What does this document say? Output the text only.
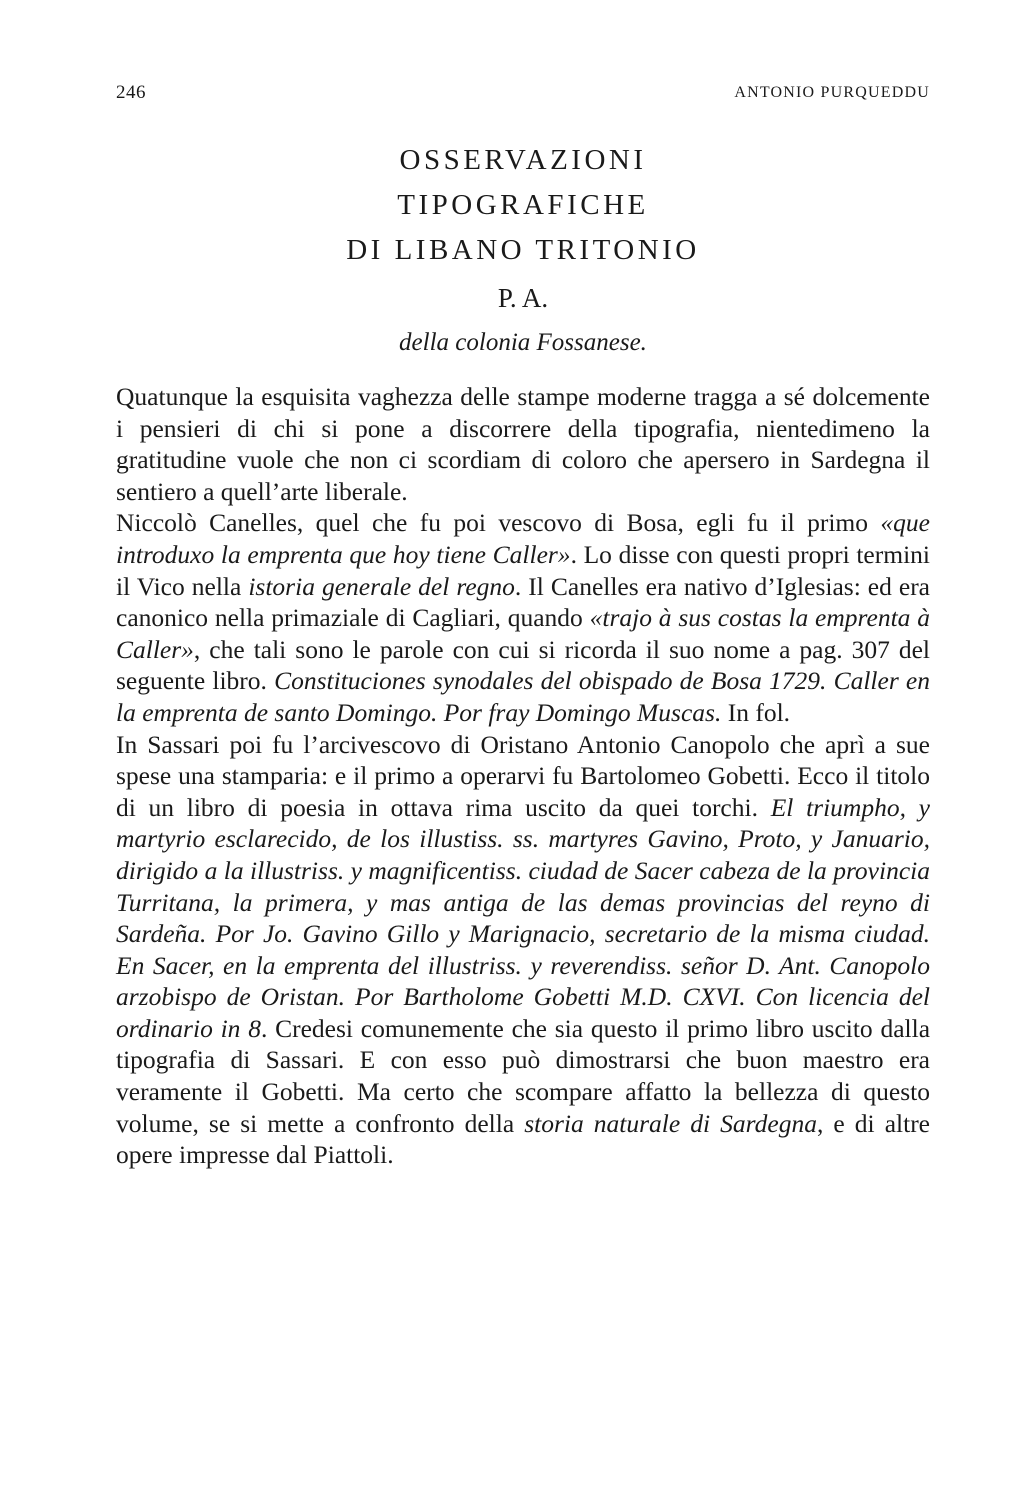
246	ANTONIO PURQUEDDU
OSSERVAZIONI
TIPOGRAFICHE
DI LIBANO TRITONIO
P. A.
della colonia Fossanese.

Quatunque la esquisita vaghezza delle stampe moderne tragga a sé dolcemente i pensieri di chi si pone a discorrere della tipografia, nientedimeno la gratitudine vuole che non ci scordiam di coloro che apersero in Sardegna il sentiero a quell’arte liberale.

Niccolò Canelles, quel che fu poi vescovo di Bosa, egli fu il primo «que introduxo la emprenta que hoy tiene Caller». Lo disse con questi propri termini il Vico nella istoria generale del regno. Il Canelles era nativo d’Iglesias: ed era canonico nella primaziale di Cagliari, quando «trajo à sus costas la emprenta à Caller», che tali sono le parole con cui si ricorda il suo nome a pag. 307 del seguente libro. Constituciones synodales del obispado de Bosa 1729. Caller en la emprenta de santo Domingo. Por fray Domingo Muscas. In fol.

In Sassari poi fu l’arcivescovo di Oristano Antonio Canopolo che aprì a sue spese una stamparia: e il primo a operarvi fu Bartolomeo Gobetti. Ecco il titolo di un libro di poesia in ottava rima uscito da quei torchi. El triumpho, y martyrio esclarecido, de los illustiss. ss. martyres Gavino, Proto, y Januario, dirigido a la illustriss. y magnificentiss. ciudad de Sacer cabeza de la provincia Turritana, la primera, y mas antiga de las demas provincias del reyno di Sardeña. Por Jo. Gavino Gillo y Marignacio, secretario de la misma ciudad. En Sacer, en la emprenta del illustriss. y reverendiss. señor D. Ant. Canopolo arzobispo de Oristan. Por Bartholome Gobetti M.D. CXVI. Con licencia del ordinario in 8. Credesi comunemente che sia questo il primo libro uscito dalla tipografia di Sassari. E con esso può dimostrarsi che buon maestro era veramente il Gobetti. Ma certo che scompare affatto la bellezza di questo volume, se si mette a confronto della storia naturale di Sardegna, e di altre opere impresse dal Piattoli.
